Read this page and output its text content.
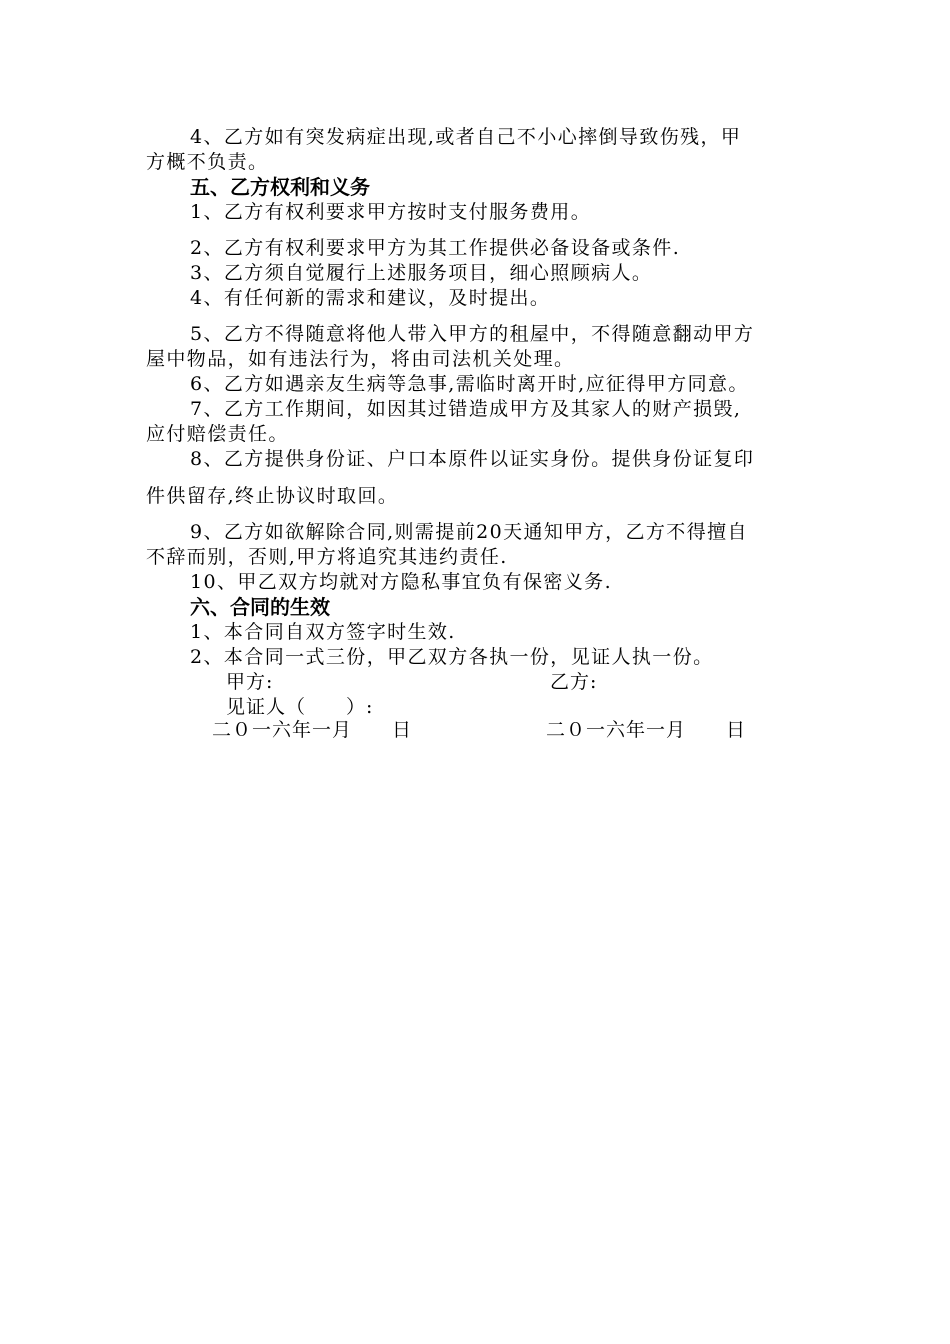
4、乙方如有突发病症出现,或者自己不小心摔倒导致伤残，甲

方概不负责。

五、乙方权利和义务

1、乙方有权利要求甲方按时支付服务费用。

2、乙方有权利要求甲方为其工作提供必备设备或条件.

3、乙方须自觉履行上述服务项目，细心照顾病人。

4、有任何新的需求和建议，及时提出。

5、乙方不得随意将他人带入甲方的租屋中，不得随意翻动甲方

屋中物品，如有违法行为，将由司法机关处理。

6、乙方如遇亲友生病等急事,需临时离开时,应征得甲方同意。

7、乙方工作期间，如因其过错造成甲方及其家人的财产损毁,

应付赔偿责任。

8、乙方提供身份证、户口本原件以证实身份。提供身份证复印

件供留存,终止协议时取回。

9、乙方如欲解除合同,则需提前20天通知甲方，乙方不得擅自

不辞而别，否则,甲方将追究其违约责任.

10、甲乙双方均就对方隐私事宜负有保密义务.

六、合同的生效

1、本合同自双方签字时生效.

2、本合同一式三份，甲乙双方各执一份，见证人执一份。

甲方:	乙方:
见证人（　　）:
二０一六年一月　　日	二０一六年一月　　日
